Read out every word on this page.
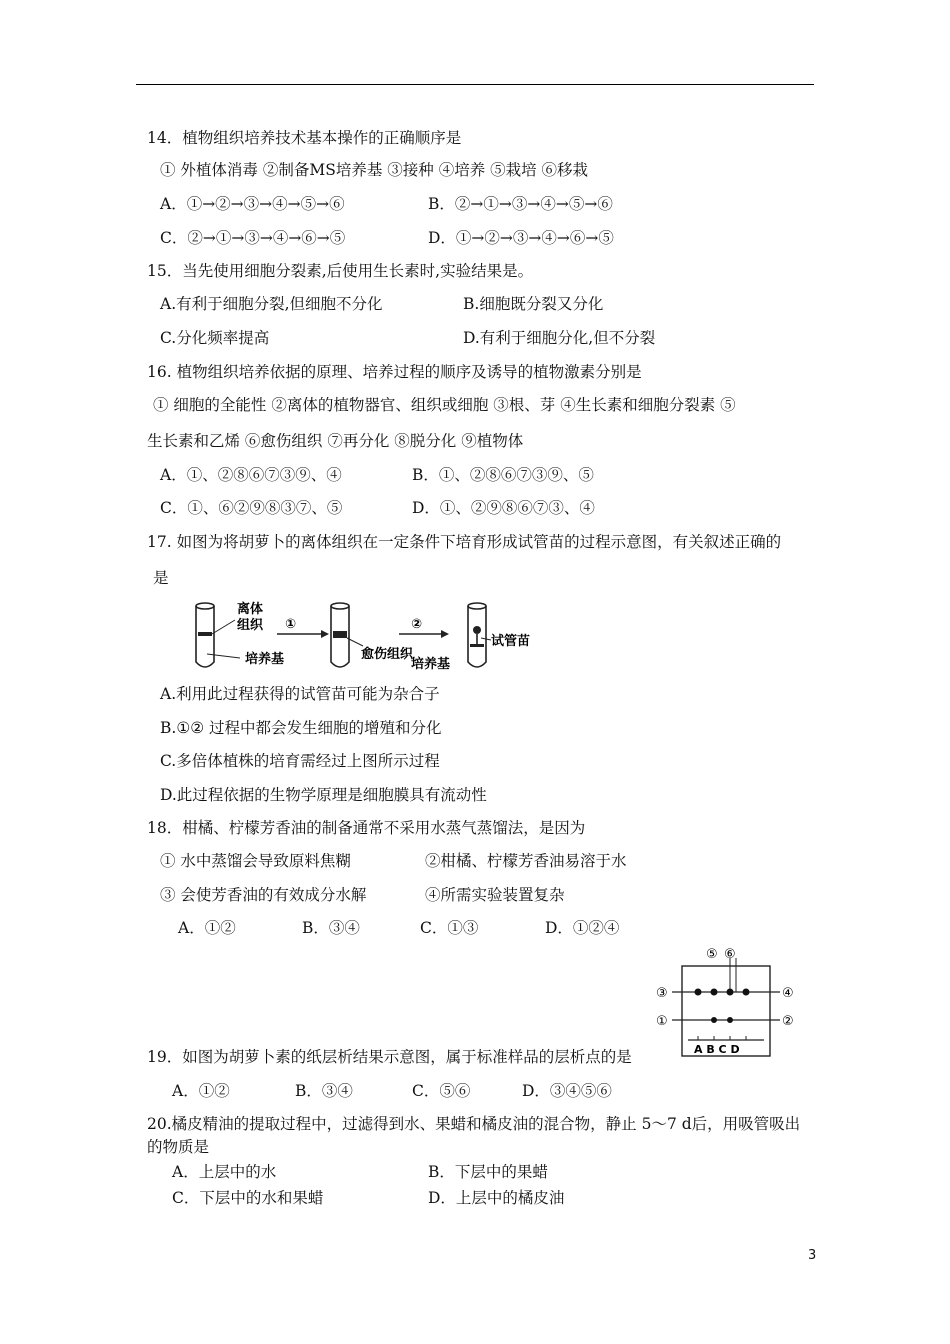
14．植物组织培养技术基本操作的正确顺序是
① 外植体消毒 ②制备MS培养基 ③接种 ④培养 ⑤栽培 ⑥移栽
A．①→②→③→④→⑤→⑥	B．②→①→③→④→⑤→⑥
C．②→①→③→④→⑥→⑤	D．①→②→③→④→⑥→⑤
15．当先使用细胞分裂素,后使用生长素时,实验结果是。
A.有利于细胞分裂,但细胞不分化	B.细胞既分裂又分化
C.分化频率提高	D.有利于细胞分化,但不分裂
16. 植物组织培养依据的原理、培养过程的顺序及诱导的植物激素分别是
① 细胞的全能性 ②离体的植物器官、组织或细胞 ③根、芽 ④生长素和细胞分裂素 ⑤
生长素和乙烯 ⑥愈伤组织 ⑦再分化 ⑧脱分化 ⑨植物体
A．①、②⑧⑥⑦③⑨、④	B．①、②⑧⑥⑦③⑨、⑤
C．①、⑥②⑨⑧③⑦、⑤	D．①、②⑨⑧⑥⑦③、④
17. 如图为将胡萝卜的离体组织在一定条件下培育形成试管苗的过程示意图，有关叙述正确的
是
离体
组织
培养基
①
愈伤组织
②
培养基
试管苗
A.利用此过程获得的试管苗可能为杂合子
B.①② 过程中都会发生细胞的增殖和分化
C.多倍体植株的培育需经过上图所示过程
D.此过程依据的生物学原理是细胞膜具有流动性
18．柑橘、柠檬芳香油的制备通常不采用水蒸气蒸馏法，是因为
① 水中蒸馏会导致原料焦糊	②柑橘、柠檬芳香油易溶于水
③ 会使芳香油的有效成分水解	④所需实验装置复杂
A．①②	B．③④	C．①③	D．①②④
⑤ ⑥
③	④
①	②
A B C D
19．如图为胡萝卜素的纸层析结果示意图，属于标准样品的层析点的是
A．①②	B．③④	C．⑤⑥	D．③④⑤⑥
20.橘皮精油的提取过程中，过滤得到水、果蜡和橘皮油的混合物，静止 5～7 d后，用吸管吸出
的物质是
A．上层中的水	B．下层中的果蜡
C．下层中的水和果蜡	D．上层中的橘皮油
3
